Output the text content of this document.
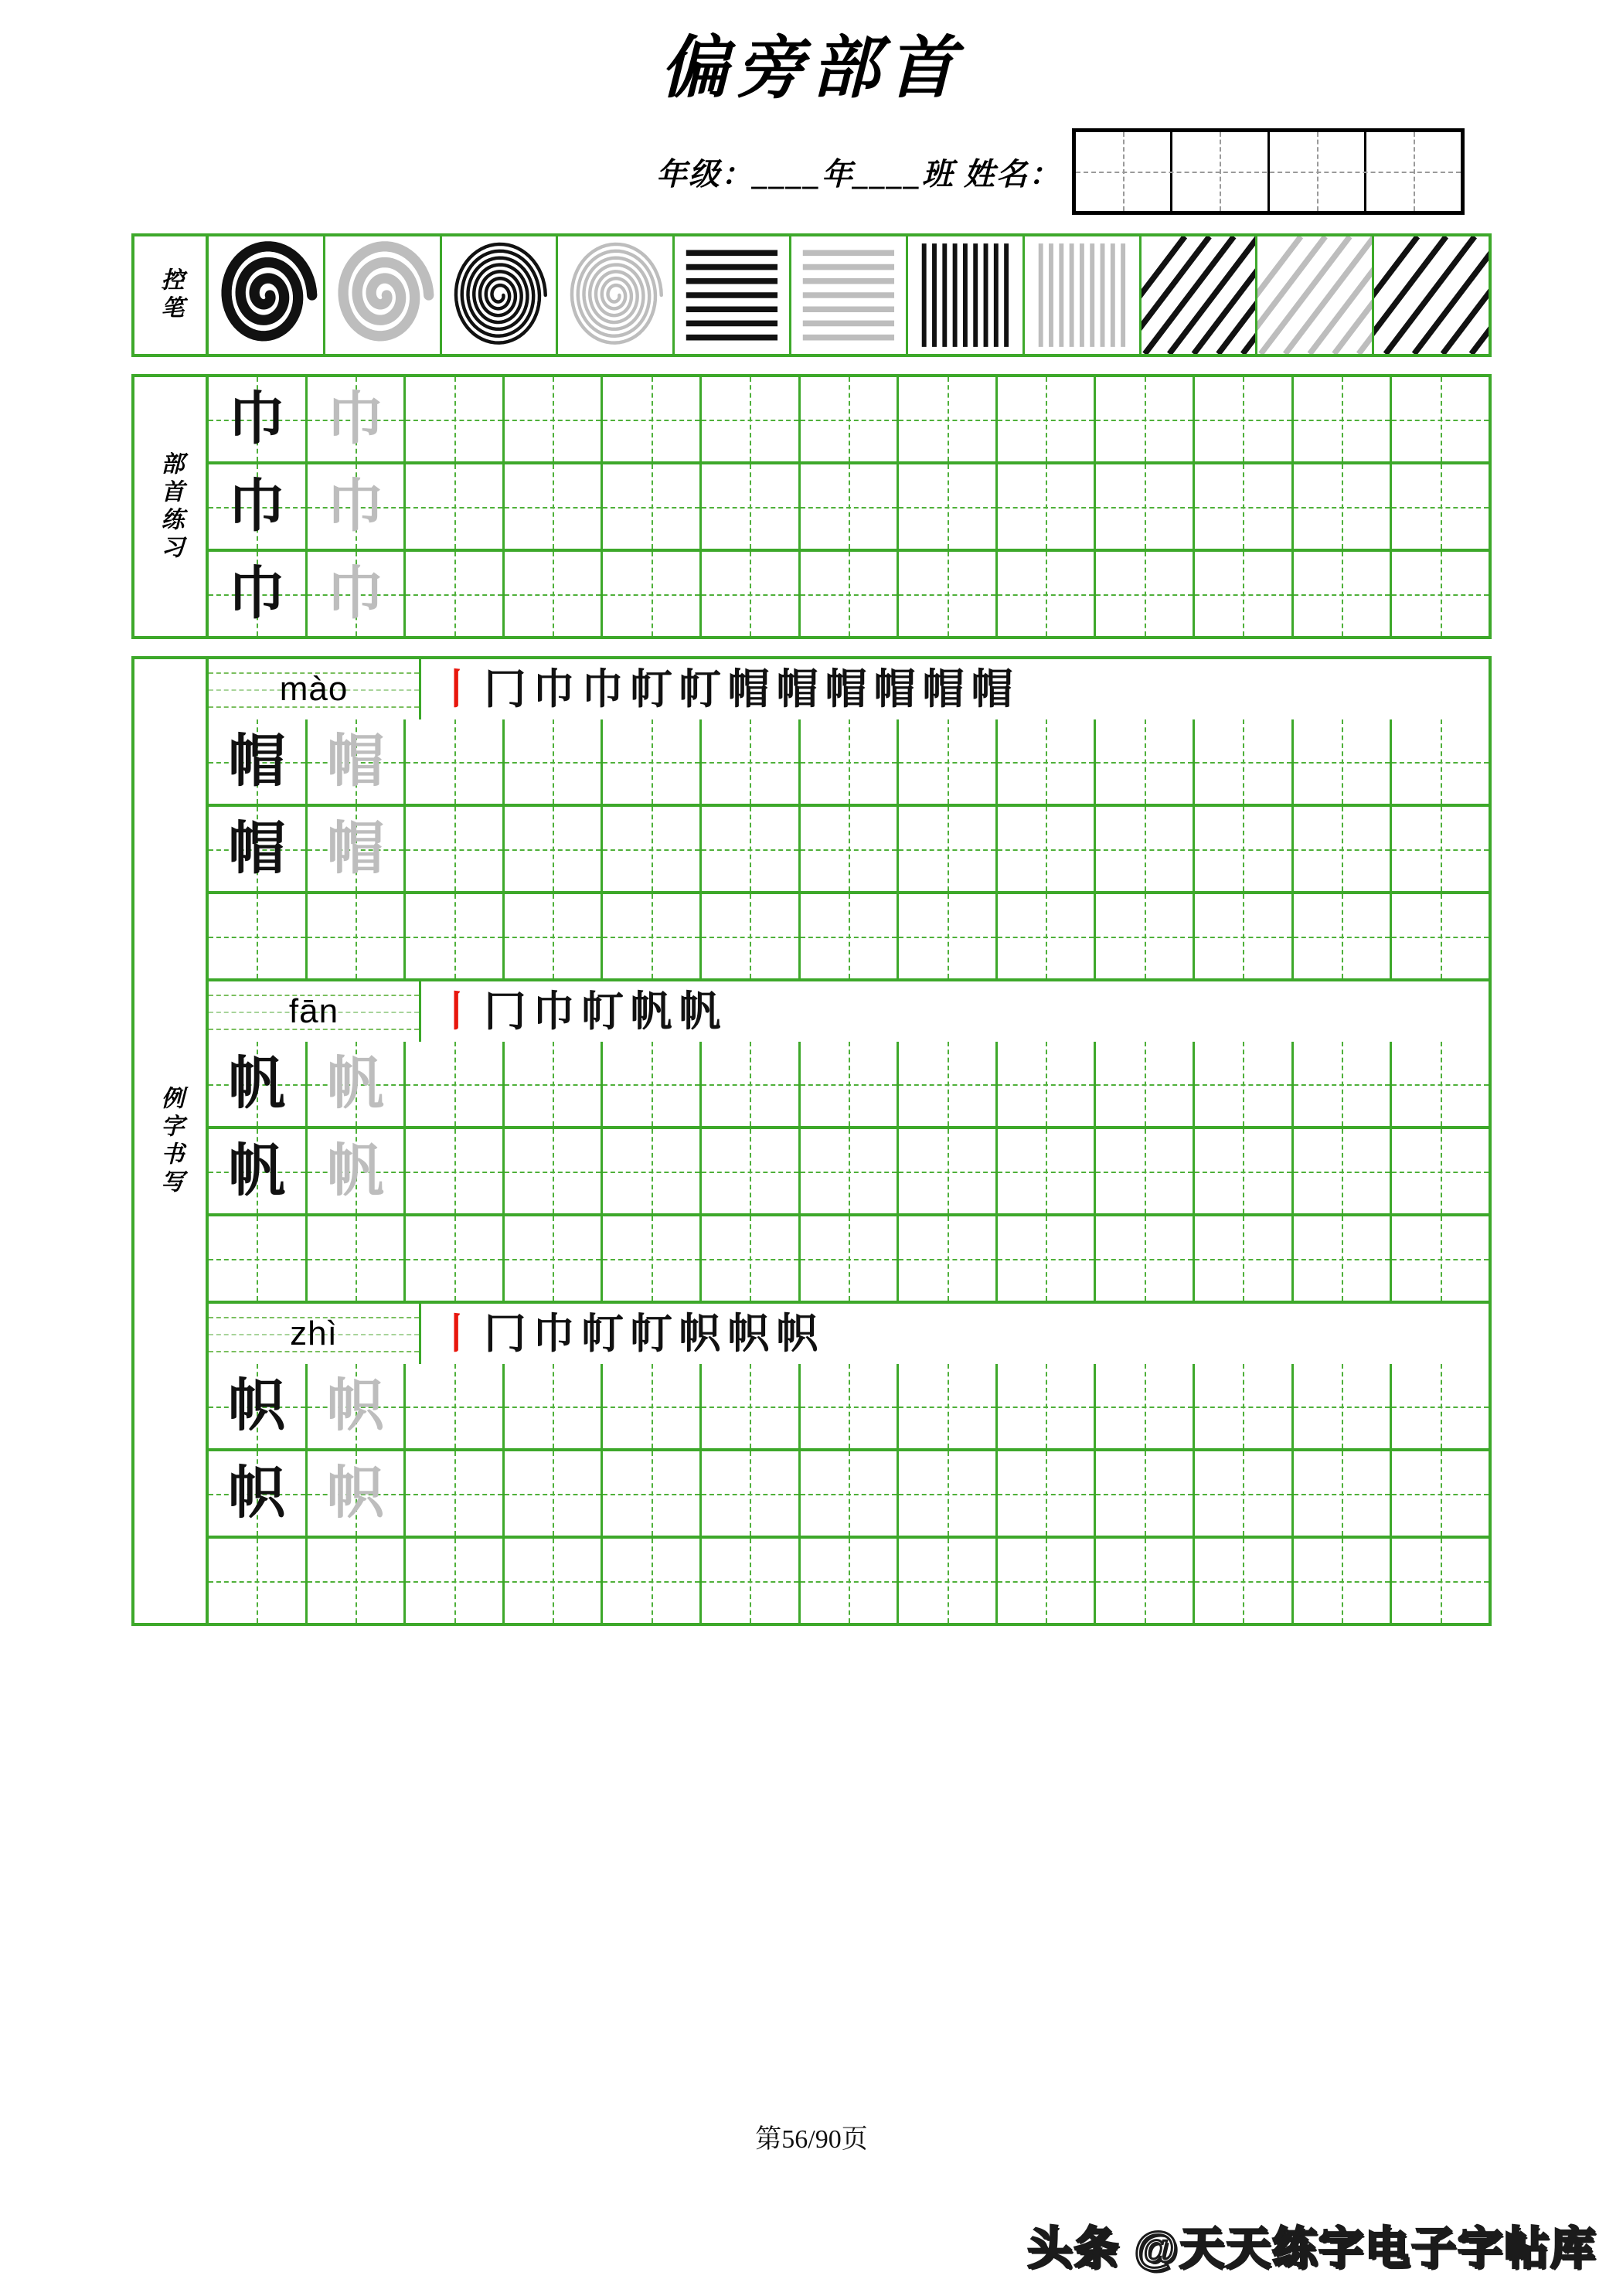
偏旁部首
年级：____年____班 姓名：
控笔
部首练习
巾 巾
巾 巾
巾 巾
例字书写
mào 丨 冂 巾 巾 帄 帄 帽 帽 帽 帽 帽 帽
帽 帽
帽 帽
fān 丨 冂 巾 帄 帆 帆
帆 帆
帆 帆
zhì 丨 冂 巾 帄 帄 帜 帜 帜
帜 帜
帜 帜
第56/90页
头条 @天天练字电子字帖库
